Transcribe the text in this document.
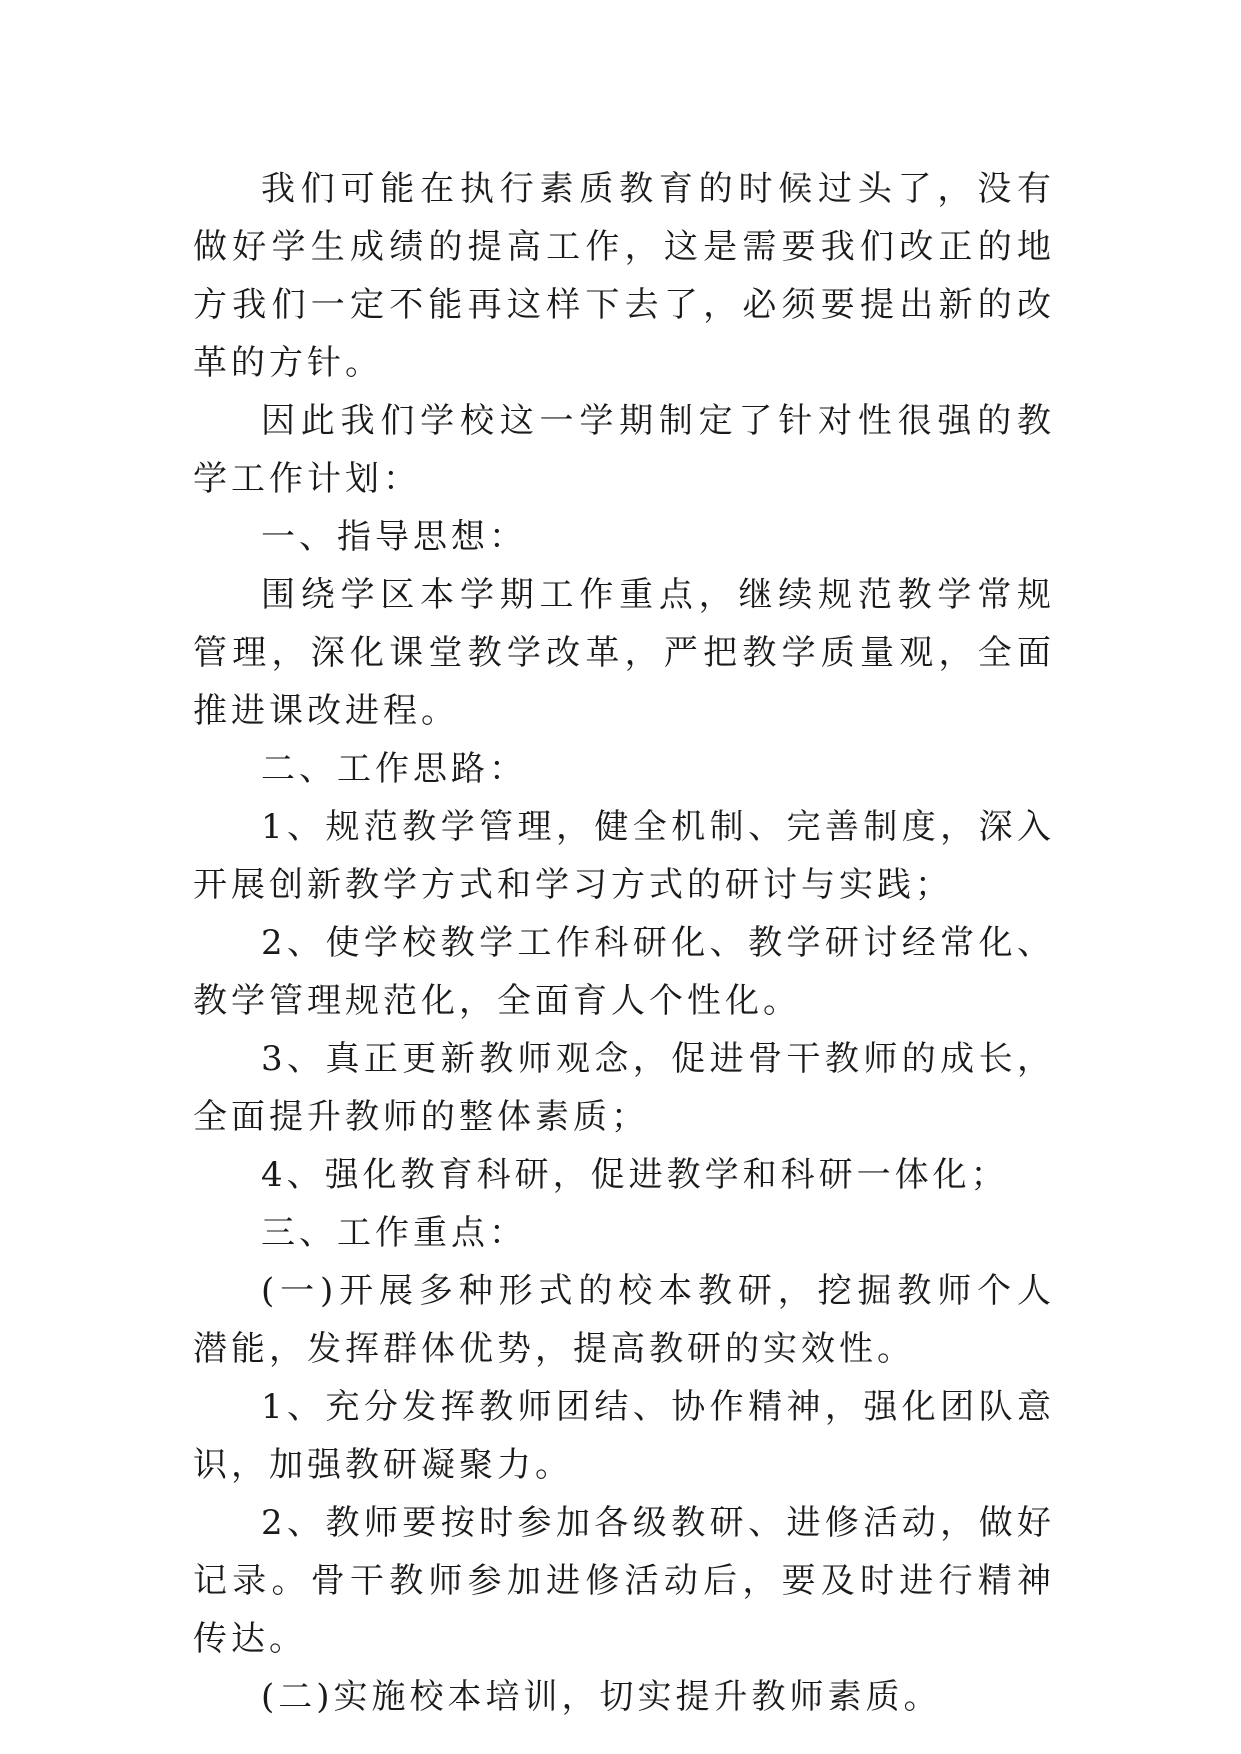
我们可能在执行素质教育的时候过头了，没有做好学生成绩的提高工作，这是需要我们改正的地方我们一定不能再这样下去了，必须要提出新的改革的方针。

因此我们学校这一学期制定了针对性很强的教学工作计划：

一、指导思想：

围绕学区本学期工作重点，继续规范教学常规管理，深化课堂教学改革，严把教学质量观，全面推进课改进程。

二、工作思路：

1、规范教学管理，健全机制、完善制度，深入开展创新教学方式和学习方式的研讨与实践；

2、使学校教学工作科研化、教学研讨经常化、教学管理规范化，全面育人个性化。

3、真正更新教师观念，促进骨干教师的成长，全面提升教师的整体素质；

4、强化教育科研，促进教学和科研一体化；

三、工作重点：

(一)开展多种形式的校本教研，挖掘教师个人潜能，发挥群体优势，提高教研的实效性。

1、充分发挥教师团结、协作精神，强化团队意识，加强教研凝聚力。

2、教师要按时参加各级教研、进修活动，做好记录。骨干教师参加进修活动后，要及时进行精神传达。

(二)实施校本培训，切实提升教师素质。
